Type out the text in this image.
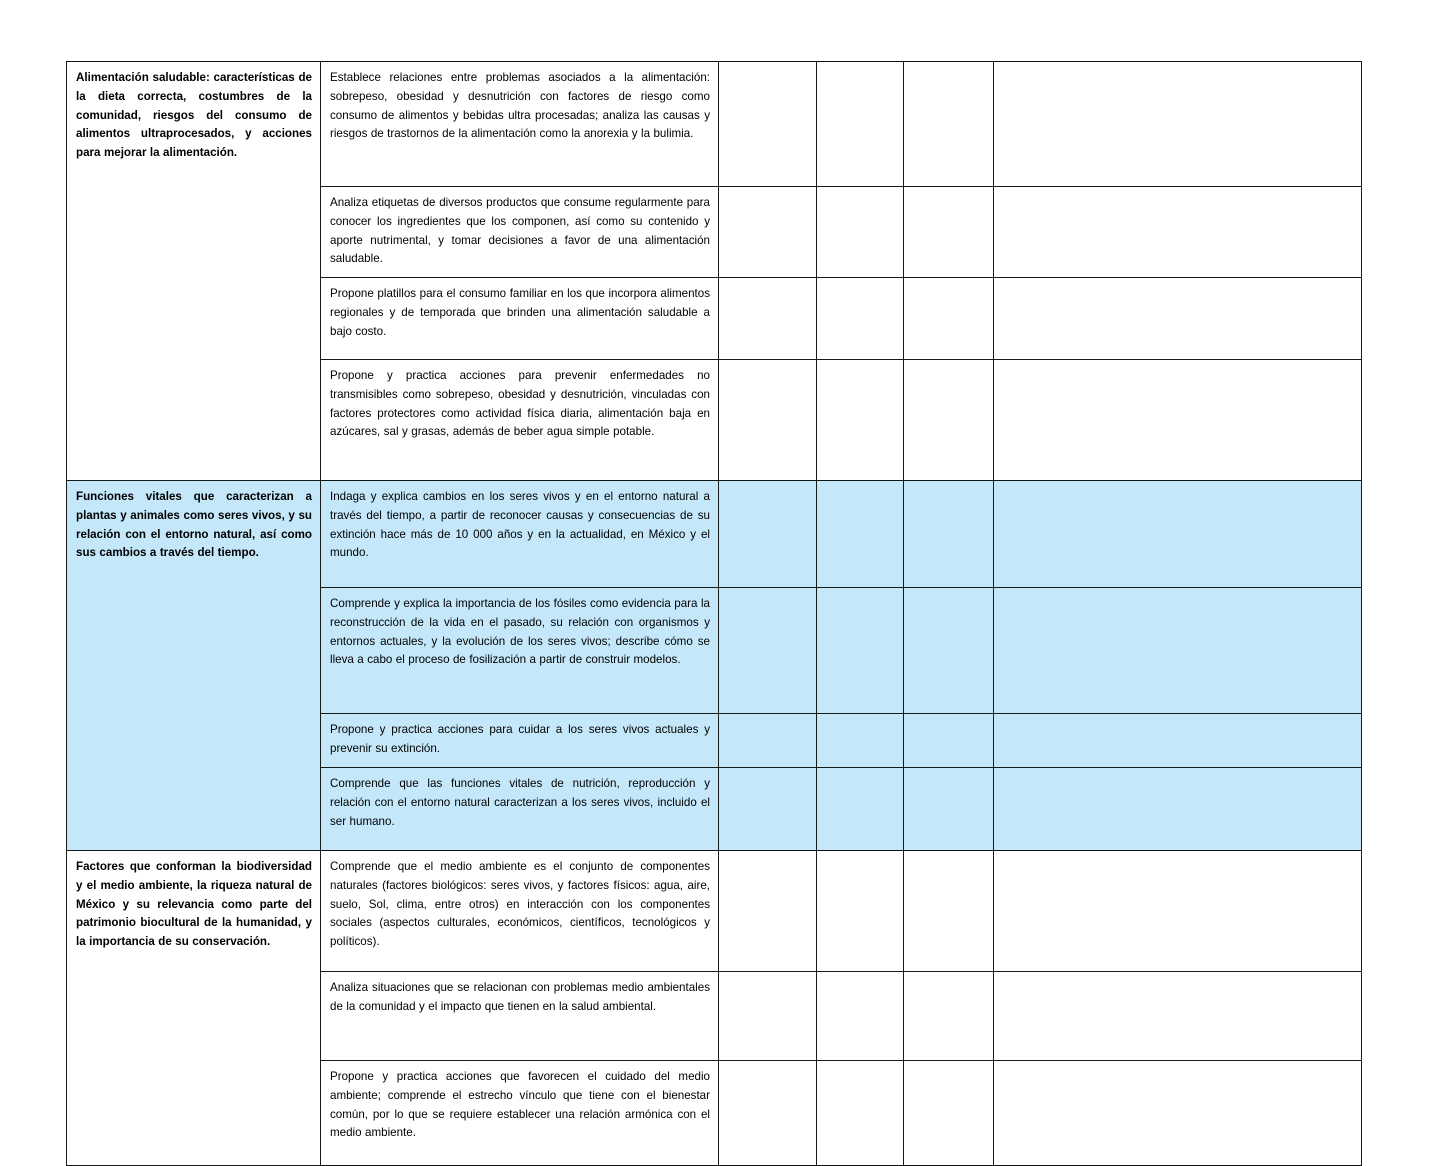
Alimentación saludable: características de la dieta correcta, costumbres de la comunidad, riesgos del consumo de alimentos ultraprocesados, y acciones para mejorar la alimentación.	Establece relaciones entre problemas asociados a la alimentación: sobrepeso, obesidad y desnutrición con factores de riesgo como consumo de alimentos y bebidas ultra procesadas; analiza las causas y riesgos de trastornos de la alimentación como la anorexia y la bulimia.				
	Analiza etiquetas de diversos productos que consume regularmente para conocer los ingredientes que los componen, así como su contenido y aporte nutrimental, y tomar decisiones a favor de una alimentación saludable.				
	Propone platillos para el consumo familiar en los que incorpora alimentos regionales y de temporada que brinden una alimentación saludable a bajo costo.				
	Propone y practica acciones para prevenir enfermedades no transmisibles como sobrepeso, obesidad y desnutrición, vinculadas con factores protectores como actividad física diaria, alimentación baja en azúcares, sal y grasas, además de beber agua simple potable.				
Funciones vitales que caracterizan a plantas y animales como seres vivos, y su relación con el entorno natural, así como sus cambios a través del tiempo.	Indaga y explica cambios en los seres vivos y en el entorno natural a través del tiempo, a partir de reconocer causas y consecuencias de su extinción hace más de 10 000 años y en la actualidad, en México y el mundo.				
	Comprende y explica la importancia de los fósiles como evidencia para la reconstrucción de la vida en el pasado, su relación con organismos y entornos actuales, y la evolución de los seres vivos; describe cómo se lleva a cabo el proceso de fosilización a partir de construir modelos.				
	Propone y practica acciones para cuidar a los seres vivos actuales y prevenir su extinción.				
	Comprende que las funciones vitales de nutrición, reproducción y relación con el entorno natural caracterizan a los seres vivos, incluido el ser humano.				
Factores que conforman la biodiversidad y el medio ambiente, la riqueza natural de México y su relevancia como parte del patrimonio biocultural de la humanidad, y la importancia de su conservación.	Comprende que el medio ambiente es el conjunto de componentes naturales (factores biológicos: seres vivos, y factores físicos: agua, aire, suelo, Sol, clima, entre otros) en interacción con los componentes sociales (aspectos culturales, económicos, científicos, tecnológicos y políticos).				
	Analiza situaciones que se relacionan con problemas medio ambientales de la comunidad y el impacto que tienen en la salud ambiental.				
	Propone y practica acciones que favorecen el cuidado del medio ambiente; comprende el estrecho vínculo que tiene con el bienestar común, por lo que se requiere establecer una relación armónica con el medio ambiente.				
